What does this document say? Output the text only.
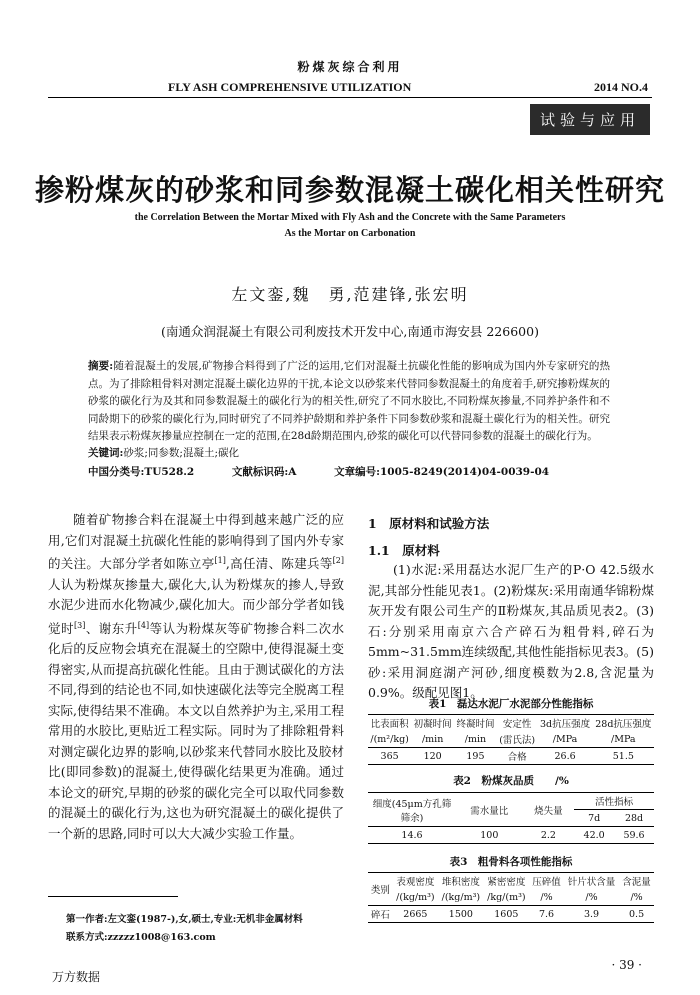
粉煤灰综合利用
FLY ASH COMPREHENSIVE UTILIZATION	2014 NO.4
试验与应用
掺粉煤灰的砂浆和同参数混凝土碳化相关性研究
the Correlation Between the Mortar Mixed with Fly Ash and the Concrete with the Same Parameters
As the Mortar on Carbonation
左文銮,魏　勇,范建锋,张宏明
(南通众润混凝土有限公司利废技术开发中心,南通市海安县 226600)
摘要:随着混凝土的发展,矿物掺合料得到了广泛的运用,它们对混凝土抗碳化性能的影响成为国内外专家研究的热点。为了排除粗骨料对测定混凝土碳化边界的干扰,本论文以砂浆来代替同参数混凝土的角度着手,研究掺粉煤灰的砂浆的碳化行为及其和同参数混凝土的碳化行为的相关性,研究了不同水胶比,不同粉煤灰掺量,不同养护条件和不同龄期下的砂浆的碳化行为,同时研究了不同养护龄期和养护条件下同参数砂浆和混凝土碳化行为的相关性。研究结果表示粉煤灰掺量应控制在一定的范围,在28d龄期范围内,砂浆的碳化可以代替同参数的混凝土的碳化行为。
关键词:砂浆;同参数;混凝土;碳化
中国分类号:TU528.2	文献标识码:A	文章编号:1005-8249(2014)04-0039-04
随着矿物掺合料在混凝土中得到越来越广泛的应用,它们对混凝土抗碳化性能的影响得到了国内外专家的关注。大部分学者如陈立亭[1],高任清、陈建兵等[2]人认为粉煤灰掺量大,碳化大,认为粉煤灰的掺人,导致水泥少进而水化物减少,碳化加大。而少部分学者如钱觉时[3]、谢东升[4]等认为粉煤灰等矿物掺合料二次水化后的反应物会填充在混凝土的空隙中,使得混凝土变得密实,从而提高抗碳化性能。且由于测试碳化的方法不同,得到的结论也不同,如快速碳化法等完全脱离工程实际,使得结果不准确。本文以自然养护为主,采用工程常用的水胶比,更贴近工程实际。同时为了排除粗骨料对测定碳化边界的影响,以砂浆来代替同水胶比及胶材比(即同参数)的混凝土,使得碳化结果更为准确。通过本论文的研究,早期的砂浆的碳化完全可以取代同参数的混凝土的碳化行为,这也为研究混凝土的碳化提供了一个新的思路,同时可以大大减少实验工作量。
第一作者:左文銮(1987-),女,硕士,专业:无机非金属材料
联系方式:zzzzz1008@163.com
1　原材料和试验方法
1.1　原材料
(1)水泥:采用磊达水泥厂生产的P·O 42.5级水泥,其部分性能见表1。(2)粉煤灰:采用南通华锦粉煤灰开发有限公司生产的Ⅱ粉煤灰,其品质见表2。(3)石:分别采用南京六合产碎石为粗骨料,碎石为5mm~31.5mm连续级配,其他性能指标见表3。(5)砂:采用洞庭湖产河砂,细度模数为2.8,含泥量为0.9%。级配见图1。
表1　磊达水泥厂水泥部分性能指标
比表面积	初凝时间	终凝时间	安定性	3d抗压强度	28d抗压强度
/(m²/kg)	/min	/min	(雷氏法)	/MPa	/MPa
365	120	195	合格	26.6	51.5
表2　粉煤灰品质　　/%
细度(45μm方孔筛筛余)	需水量比	烧失量	活性指标	
			7d	28d
14.6	100	2.2	42.0	59.6
表3　粗骨料各项性能指标
类别	表观密度	堆积密度	紧密密度	压碎值	针片状含量	含泥量
	/(kg/m³)	/(kg/m³)	/kg/(m³)	/%	/%	/%
碎石	2665	1500	1605	7.6	3.9	0.5
· 39 ·
万方数据
